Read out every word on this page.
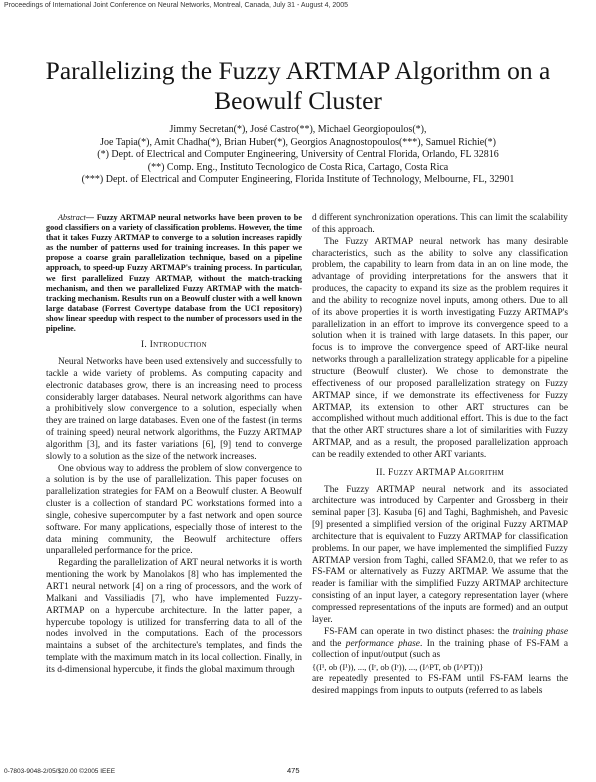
Proceedings of International Joint Conference on Neural Networks, Montreal, Canada, July 31 - August 4, 2005
Parallelizing the Fuzzy ARTMAP Algorithm on a Beowulf Cluster
Jimmy Secretan(*), José Castro(**), Michael Georgiopoulos(*),
Joe Tapia(*), Amit Chadha(*), Brian Huber(*), Georgios Anagnostopoulos(***), Samuel Richie(*)
(*) Dept. of Electrical and Computer Engineering, University of Central Florida, Orlando, FL 32816
(**) Comp. Eng., Instituto Tecnologico de Costa Rica, Cartago, Costa Rica
(***) Dept. of Electrical and Computer Engineering, Florida Institute of Technology, Melbourne, FL, 32901

Abstract— Fuzzy ARTMAP neural networks have been proven to be good classifiers on a variety of classification problems. However, the time that it takes Fuzzy ARTMAP to converge to a solution increases rapidly as the number of patterns used for training increases. In this paper we propose a coarse grain parallelization technique, based on a pipeline approach, to speed-up Fuzzy ARTMAP's training process. In particular, we first parallelized Fuzzy ARTMAP, without the match-tracking mechanism, and then we parallelized Fuzzy ARTMAP with the match-tracking mechanism. Results run on a Beowulf cluster with a well known large database (Forrest Covertype database from the UCI repository) show linear speedup with respect to the number of processors used in the pipeline.

I. Introduction

Neural Networks have been used extensively and successfully to tackle a wide variety of problems. As computing capacity and electronic databases grow, there is an increasing need to process considerably larger databases. Neural network algorithms can have a prohibitively slow convergence to a solution, especially when they are trained on large databases. Even one of the fastest (in terms of training speed) neural network algorithms, the Fuzzy ARTMAP algorithm [3], and its faster variations [6], [9] tend to converge slowly to a solution as the size of the network increases.

One obvious way to address the problem of slow convergence to a solution is by the use of parallelization. This paper focuses on parallelization strategies for FAM on a Beowulf cluster. A Beowulf cluster is a collection of standard PC workstations formed into a single, cohesive supercomputer by a fast network and open source software. For many applications, especially those of interest to the data mining community, the Beowulf architecture offers unparalleled performance for the price.

Regarding the parallelization of ART neural networks it is worth mentioning the work by Manolakos [8] who has implemented the ART1 neural network [4] on a ring of processors, and the work of Malkani and Vassiliadis [7], who have implemented Fuzzy-ARTMAP on a hypercube architecture. In the latter paper, a hypercube topology is utilized for transferring data to all of the nodes involved in the computations. Each of the processors maintains a subset of the architecture's templates, and finds the template with the maximum match in its local collection. Finally, in its d-dimensional hypercube, it finds the global maximum through

d different synchronization operations. This can limit the scalability of this approach.

The Fuzzy ARTMAP neural network has many desirable characteristics, such as the ability to solve any classification problem, the capability to learn from data in an on line mode, the advantage of providing interpretations for the answers that it produces, the capacity to expand its size as the problem requires it and the ability to recognize novel inputs, among others. Due to all of its above properties it is worth investigating Fuzzy ARTMAP's parallelization in an effort to improve its convergence speed to a solution when it is trained with large datasets. In this paper, our focus is to improve the convergence speed of ART-like neural networks through a parallelization strategy applicable for a pipeline structure (Beowulf cluster). We chose to demonstrate the effectiveness of our proposed parallelization strategy on Fuzzy ARTMAP since, if we demonstrate its effectiveness for Fuzzy ARTMAP, its extension to other ART structures can be accomplished without much additional effort. This is due to the fact that the other ART structures share a lot of similarities with Fuzzy ARTMAP, and as a result, the proposed parallelization approach can be readily extended to other ART variants.

II. Fuzzy ARTMAP Algorithm

The Fuzzy ARTMAP neural network and its associated architecture was introduced by Carpenter and Grossberg in their seminal paper [3]. Kasuba [6] and Taghi, Baghmisheh, and Pavesic [9] presented a simplified version of the original Fuzzy ARTMAP architecture that is equivalent to Fuzzy ARTMAP for classification problems. In our paper, we have implemented the simplified Fuzzy ARTMAP version from Taghi, called SFAM2.0, that we refer to as FS-FAM or alternatively as Fuzzy ARTMAP. We assume that the reader is familiar with the simplified Fuzzy ARTMAP architecture consisting of an input layer, a category representation layer (where compressed representations of the inputs are formed) and an output layer.

FS-FAM can operate in two distinct phases: the training phase and the performance phase. In the training phase of FS-FAM a collection of input/output (such as

{(I¹, ob (I¹)), ..., (Iʳ, ob (Iʳ)), ..., (I^PT, ob (I^PT))}

are repeatedly presented to FS-FAM until FS-FAM learns the desired mappings from inputs to outputs (referred to as labels

0-7803-9048-2/05/$20.00 ©2005 IEEE	475
